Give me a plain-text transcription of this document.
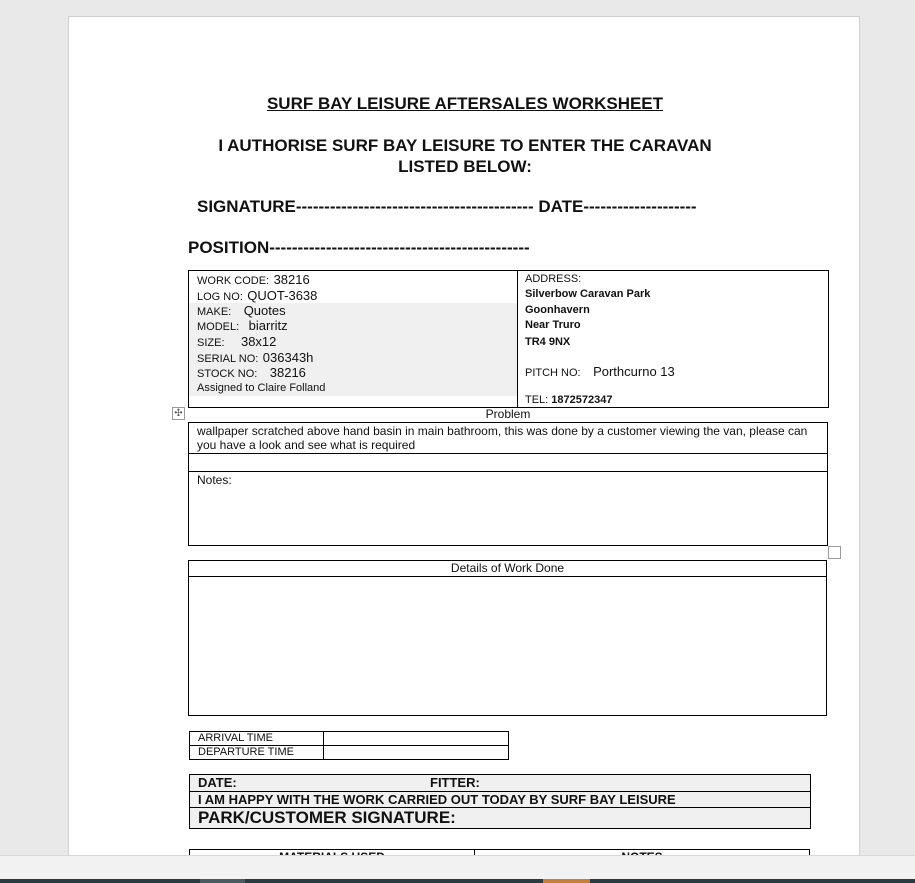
SURF BAY LEISURE AFTERSALES WORKSHEET
I AUTHORISE SURF BAY LEISURE TO ENTER THE CARAVAN
LISTED BELOW:
SIGNATURE------------------------------------------ DATE--------------------
POSITION----------------------------------------------
WORK CODE: 38216
LOG NO: QUOT-3638
MAKE: Quotes
MODEL: biarritz
SIZE: 38x12
SERIAL NO: 036343h
STOCK NO: 38216
Assigned to Claire Folland
ADDRESS:
Silverbow Caravan Park
Goonhavern
Near Truro
TR4 9NX
PITCH NO: Porthcurno 13
TEL: 1872572347
Problem
wallpaper scratched above hand basin in main bathroom, this was done by a customer viewing the van, please can you have a look and see what is required
Notes:
Details of Work Done
ARRIVAL TIME
DEPARTURE TIME
DATE:	FITTER:
I AM HAPPY WITH THE WORK CARRIED OUT TODAY BY SURF BAY LEISURE
PARK/CUSTOMER SIGNATURE:
✣
